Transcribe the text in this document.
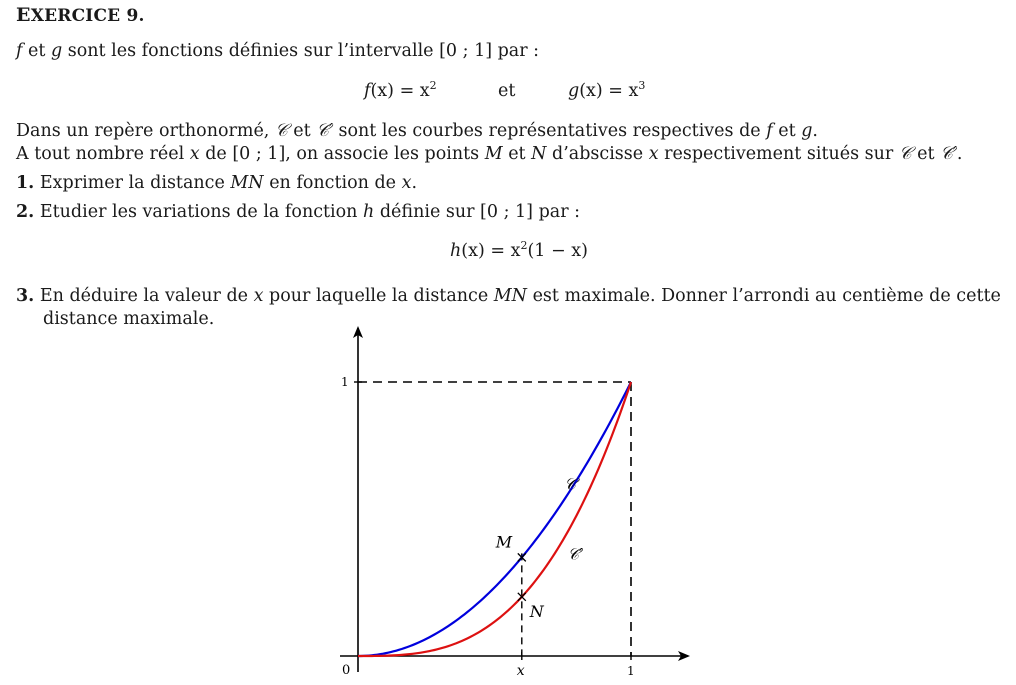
EXERCICE 9.
f et g sont les fonctions définies sur l’intervalle [0 ; 1] par :
$f(x) = x^2$	et	$g(x) = x^3$
Dans un repère orthonormé, 𝒞 et 𝒞′ sont les courbes représentatives respectives de f et g.
A tout nombre réel x de [0 ; 1], on associe les points M et N d’abscisse x respectivement situés sur 𝒞 et 𝒞′.
1. Exprimer la distance MN en fonction de x.
2. Etudier les variations de la fonction h définie sur [0 ; 1] par :
$h(x) = x^2(1 - x)$
3. En déduire la valeur de x pour laquelle la distance MN est maximale. Donner l’arrondi au centième de cette
distance maximale.
1
1
0	x
M
N
𝒞
𝒞′
